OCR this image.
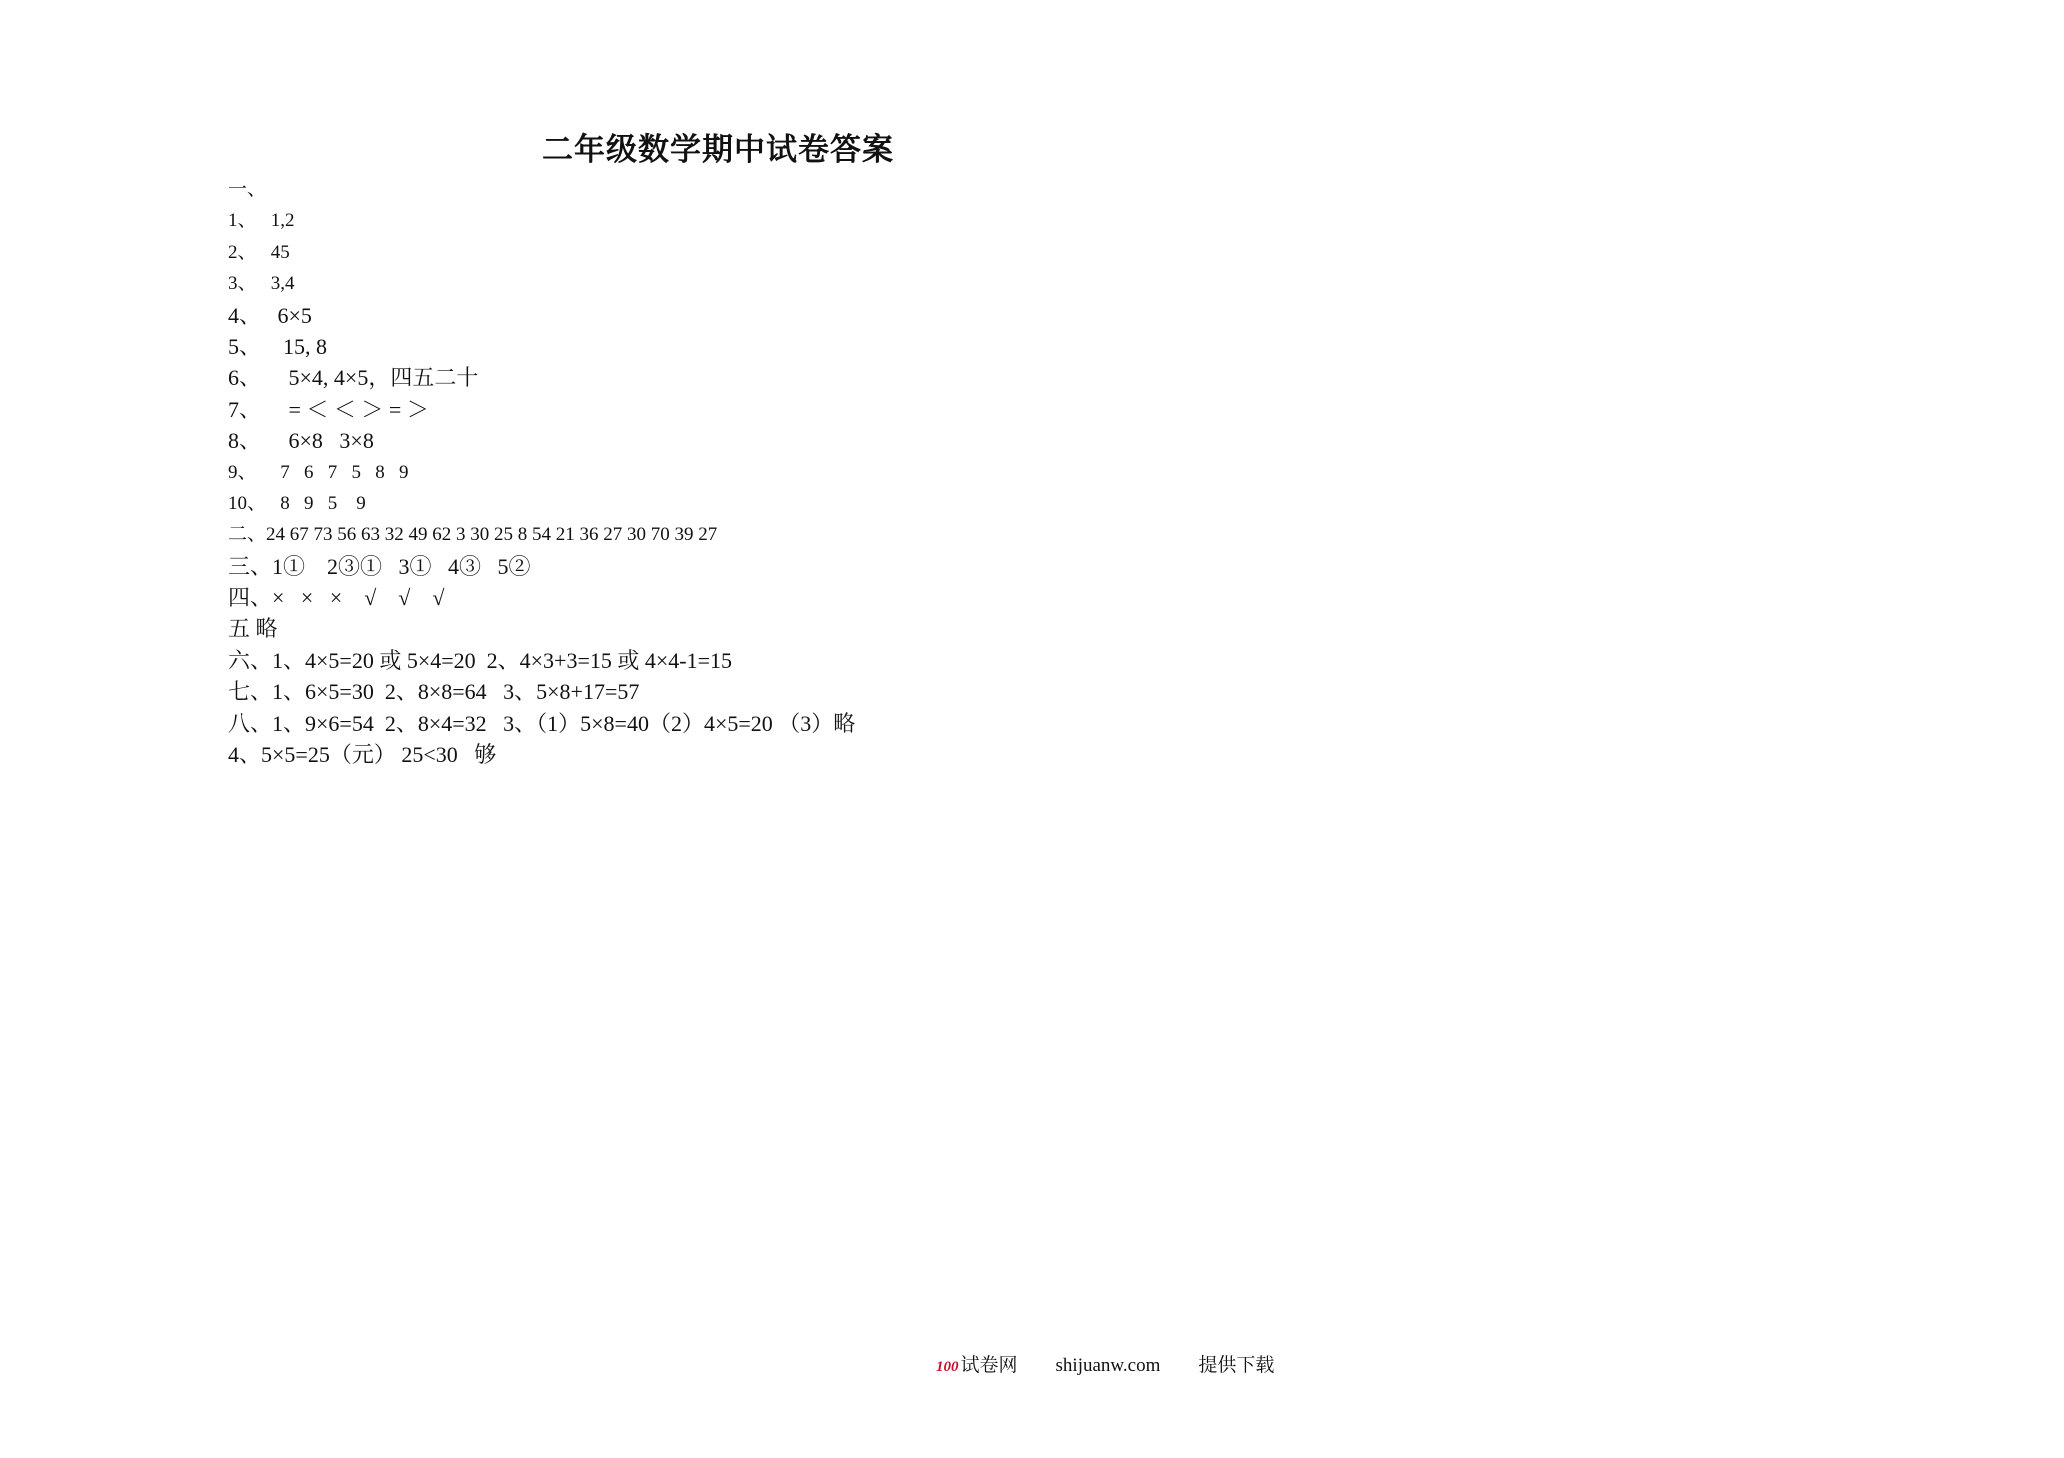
二年级数学期中试卷答案
一、
1、   1,2
2、   45
3、   3,4
4、   6×5
5、    15, 8
6、     5×4, 4×5，四五二十
7、     = ＜ ＜ ＞ = ＞
8、     6×8   3×8
9、     7   6   7   5   8   9
10、   8   9   5    9
二、24 67 73 56 63 32 49 62 3 30 25 8 54 21 36 27 30 70 39 27
三、1①    2③①   3①   4③   5②
四、×   ×   ×    √    √    √
五 略
六、1、4×5=20 或 5×4=20  2、4×3+3=15 或 4×4-1=15
七、1、6×5=30  2、8×8=64   3、5×8+17=57
八、1、9×6=54  2、8×4=32   3、（1）5×8=40（2）4×5=20 （3）略
4、5×5=25（元） 25<30   够
100 试卷网 shijuanw.com 提供下载
